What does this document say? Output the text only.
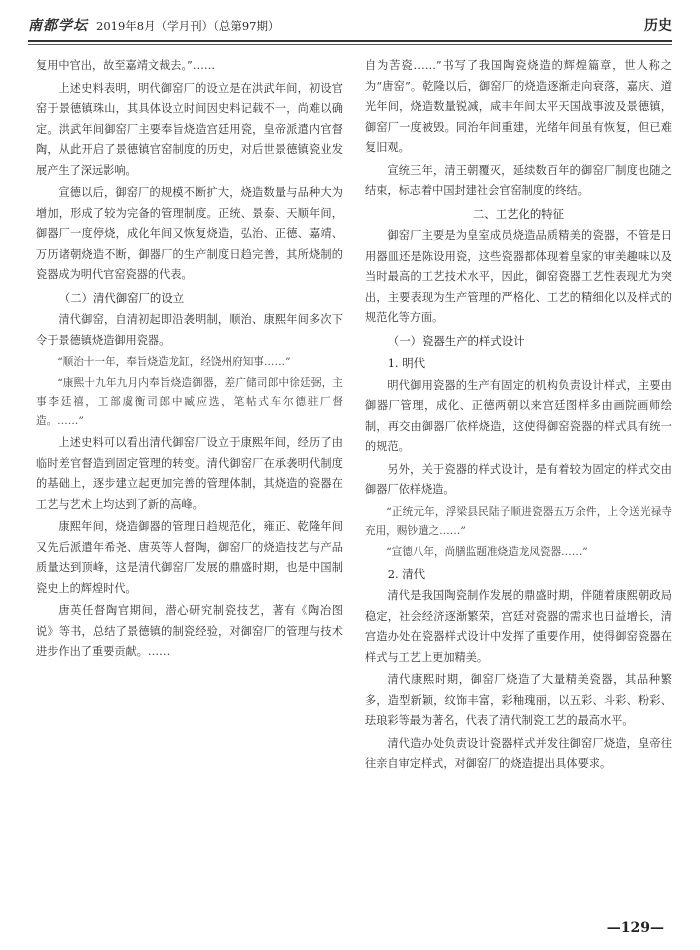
南都学坛 2019年8月（学月刊）（总第97期）	历史

复用中官出，故至嘉靖文裁去。”……

上述史料表明，明代御窑厂的设立是在洪武年间，初设官窑于景德镇珠山，其具体设立时间因史料记载不一，尚难以确定。洪武年间御窑厂主要奉旨烧造宫廷用瓷，皇帝派遣内官督陶，从此开启了景德镇官窑制度的历史，对后世景德镇瓷业发展产生了深远影响。

宣德以后，御窑厂的规模不断扩大，烧造数量与品种大为增加，形成了较为完备的管理制度。正统、景泰、天顺年间，御器厂一度停烧，成化年间又恢复烧造，弘治、正德、嘉靖、万历诸朝烧造不断，御器厂的生产制度日趋完善，其所烧制的瓷器成为明代官窑瓷器的代表。

（二）清代御窑厂的设立

清代御窑，自清初起即沿袭明制，顺治、康熙年间多次下令于景德镇烧造御用瓷器。

“顺治十一年，奉旨烧造龙缸，经饶州府知事……”

“康熙十九年九月内奉旨烧造御器，差广储司郎中徐廷弼，主事李廷禧，工部虞衡司郎中臧应选，笔帖式车尔德驻厂督造。……”

上述史料可以看出清代御窑厂设立于康熙年间，经历了由临时差官督造到固定管理的转变。清代御窑厂在承袭明代制度的基础上，逐步建立起更加完善的管理体制，其烧造的瓷器在工艺与艺术上均达到了新的高峰。

康熙年间，烧造御器的管理日趋规范化，雍正、乾隆年间又先后派遣年希尧、唐英等人督陶，御窑厂的烧造技艺与产品质量达到顶峰，这是清代御窑厂发展的鼎盛时期，也是中国制瓷史上的辉煌时代。

唐英任督陶官期间，潜心研究制瓷技艺，著有《陶冶图说》等书，总结了景德镇的制瓷经验，对御窑厂的管理与技术进步作出了重要贡献。……

自为苦瓷……”书写了我国陶瓷烧造的辉煌篇章，世人称之为“唐窑”。乾隆以后，御窑厂的烧造逐渐走向衰落，嘉庆、道光年间，烧造数量锐减，咸丰年间太平天国战事波及景德镇，御窑厂一度被毁。同治年间重建，光绪年间虽有恢复，但已难复旧观。

宣统三年，清王朝覆灭，延续数百年的御窑厂制度也随之结束，标志着中国封建社会官窑制度的终结。

二、工艺化的特征

御窑厂主要是为皇室成员烧造品质精美的瓷器，不管是日用器皿还是陈设用瓷，这些瓷器都体现着皇家的审美趣味以及当时最高的工艺技术水平，因此，御窑瓷器工艺性表现尤为突出，主要表现为生产管理的严格化、工艺的精细化以及样式的规范化等方面。

（一）瓷器生产的样式设计
1. 明代

明代御用瓷器的生产有固定的机构负责设计样式，主要由御器厂管理，成化、正德两朝以来宫廷图样多由画院画师绘制，再交由御器厂依样烧造，这使得御窑瓷器的样式具有统一的规范。

另外，关于瓷器的样式设计，是有着较为固定的样式交由御器厂依样烧造。

“正统元年，浮梁县民陆子顺进瓷器五万余件，上令送光禄寺充用，赐钞遣之……”

“宣德八年，尚膳监题准烧造龙凤瓷器……”

2. 清代

清代是我国陶瓷制作发展的鼎盛时期，伴随着康熙朝政局稳定，社会经济逐渐繁荣，宫廷对瓷器的需求也日益增长，清宫造办处在瓷器样式设计中发挥了重要作用，使得御窑瓷器在样式与工艺上更加精美。

清代康熙时期，御窑厂烧造了大量精美瓷器，其品种繁多，造型新颖，纹饰丰富，彩釉瑰丽，以五彩、斗彩、粉彩、珐琅彩等最为著名，代表了清代制瓷工艺的最高水平。

清代造办处负责设计瓷器样式并发往御窑厂烧造，皇帝往往亲自审定样式，对御窑厂的烧造提出具体要求。

—129—
